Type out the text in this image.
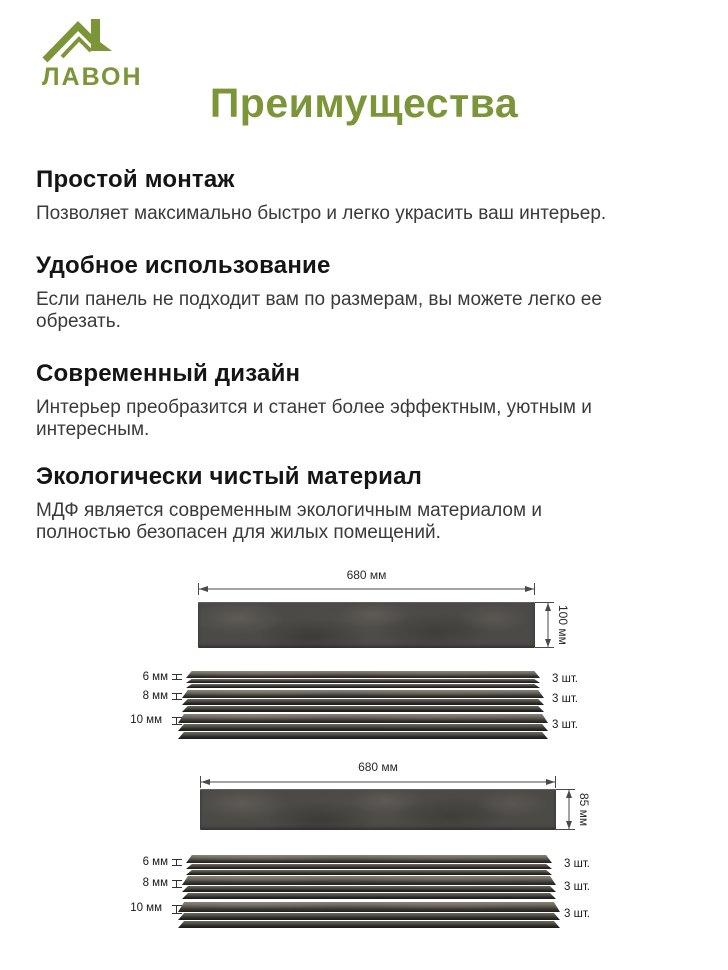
ЛАВОН
Преимущества
Простой монтаж

Позволяет максимально быстро и легко украсить ваш интерьер.

Удобное использование

Если панель не подходит вам по размерам, вы можете легко ее
обрезать.

Современный дизайн

Интерьер преобразится и станет более эффектным, уютным и
интересным.

Экологически чистый материал

МДФ является современным экологичным материалом и
полностью безопасен для жилых помещений.

680 мм
100 мм
6 мм
8 мм
10 мм
3 шт.
3 шт.
3 шт.
680 мм
85 мм
6 мм
8 мм
10 мм
3 шт.
3 шт.
3 шт.
